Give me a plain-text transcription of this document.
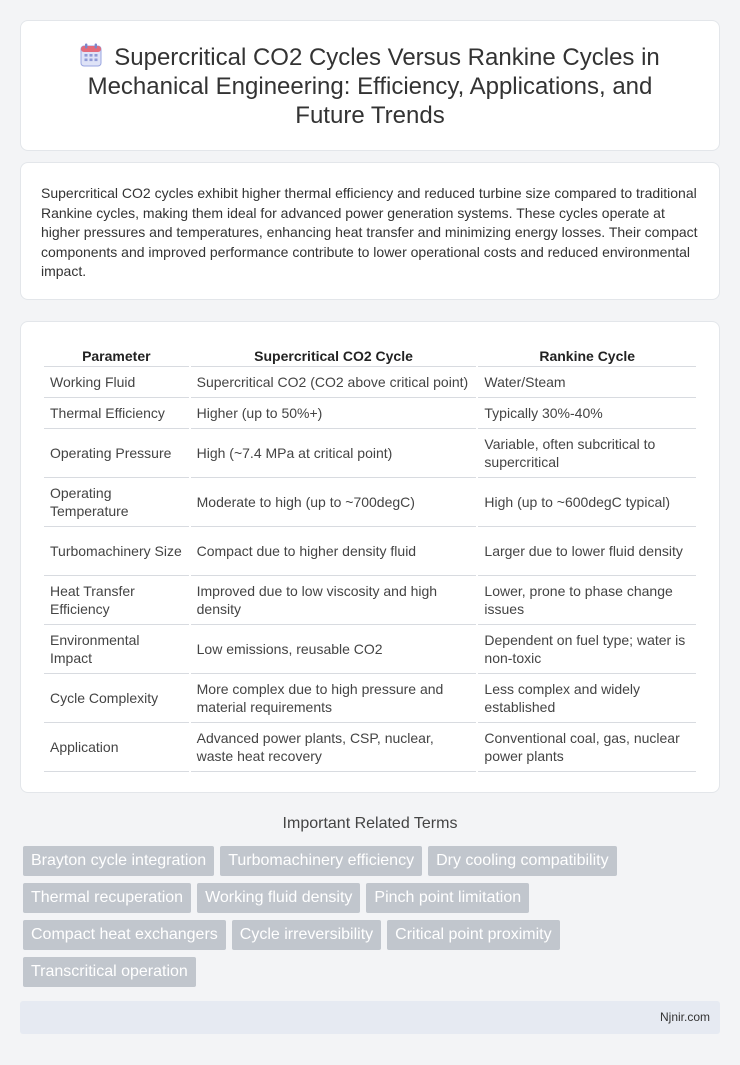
Supercritical CO2 Cycles Versus Rankine Cycles in Mechanical Engineering: Efficiency, Applications, and Future Trends

Supercritical CO2 cycles exhibit higher thermal efficiency and reduced turbine size compared to traditional Rankine cycles, making them ideal for advanced power generation systems. These cycles operate at higher pressures and temperatures, enhancing heat transfer and minimizing energy losses. Their compact components and improved performance contribute to lower operational costs and reduced environmental impact.

Parameter	Supercritical CO2 Cycle	Rankine Cycle
Working Fluid	Supercritical CO2 (CO2 above critical point)	Water/Steam
Thermal Efficiency	Higher (up to 50%+)	Typically 30%-40%
Operating Pressure	High (~7.4 MPa at critical point)	Variable, often subcritical to supercritical
Operating Temperature	Moderate to high (up to ~700degC)	High (up to ~600degC typical)
Turbomachinery Size	Compact due to higher density fluid	Larger due to lower fluid density
Heat Transfer Efficiency	Improved due to low viscosity and high density	Lower, prone to phase change issues
Environmental Impact	Low emissions, reusable CO2	Dependent on fuel type; water is non-toxic
Cycle Complexity	More complex due to high pressure and material requirements	Less complex and widely established
Application	Advanced power plants, CSP, nuclear, waste heat recovery	Conventional coal, gas, nuclear power plants
Important Related Terms
Brayton cycle integration	Turbomachinery efficiency	Dry cooling compatibility
Thermal recuperation	Working fluid density	Pinch point limitation
Compact heat exchangers	Cycle irreversibility	Critical point proximity
Transcritical operation
Njnir.com
